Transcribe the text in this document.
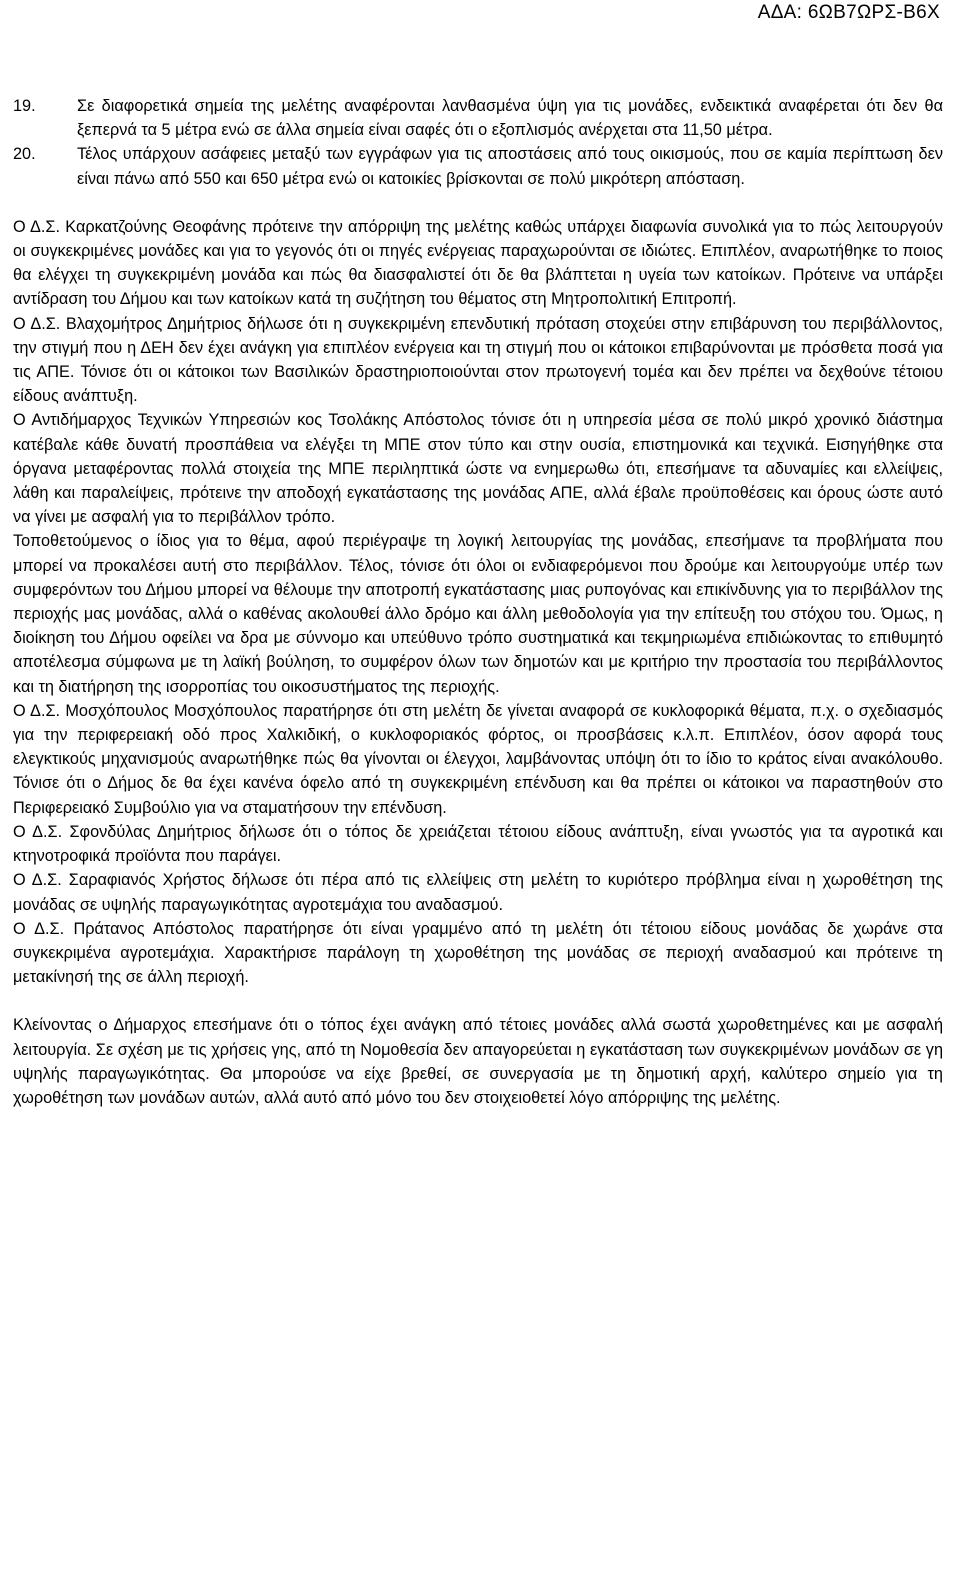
ΑΔΑ: 6ΩΒ7ΩΡΣ-Β6Χ
19.	Σε διαφορετικά σημεία της μελέτης αναφέρονται λανθασμένα ύψη για τις μονάδες, ενδεικτικά αναφέρεται ότι δεν θα ξεπερνά τα 5 μέτρα ενώ σε άλλα σημεία είναι σαφές ότι ο εξοπλισμός ανέρχεται στα 11,50 μέτρα.
20.	Τέλος υπάρχουν ασάφειες μεταξύ των εγγράφων για τις αποστάσεις από τους οικισμούς, που σε καμία περίπτωση δεν είναι πάνω από 550 και 650 μέτρα ενώ οι κατοικίες βρίσκονται σε πολύ μικρότερη απόσταση.

Ο Δ.Σ. Καρκατζούνης Θεοφάνης πρότεινε την απόρριψη της μελέτης καθώς υπάρχει διαφωνία συνολικά για το πώς λειτουργούν οι συγκεκριμένες μονάδες και για το γεγονός ότι οι πηγές ενέργειας παραχωρούνται σε ιδιώτες. Επιπλέον, αναρωτήθηκε το ποιος θα ελέγχει τη συγκεκριμένη μονάδα και πώς θα διασφαλιστεί ότι δε θα βλάπτεται η υγεία των κατοίκων. Πρότεινε να υπάρξει αντίδραση του Δήμου και των κατοίκων κατά τη συζήτηση του θέματος στη Μητροπολιτική Επιτροπή.

Ο Δ.Σ. Βλαχομήτρος Δημήτριος δήλωσε ότι η συγκεκριμένη επενδυτική πρόταση στοχεύει στην επιβάρυνση του περιβάλλοντος, την στιγμή που η ΔΕΗ δεν έχει ανάγκη για επιπλέον ενέργεια και τη στιγμή που οι κάτοικοι επιβαρύνονται με πρόσθετα ποσά για τις ΑΠΕ. Τόνισε ότι οι κάτοικοι των Βασιλικών δραστηριοποιούνται στον πρωτογενή τομέα και δεν πρέπει να δεχθούνε τέτοιου είδους ανάπτυξη.

Ο Αντιδήμαρχος Τεχνικών Υπηρεσιών κος Τσολάκης Απόστολος τόνισε ότι η υπηρεσία μέσα σε πολύ μικρό χρονικό διάστημα κατέβαλε κάθε δυνατή προσπάθεια να ελέγξει τη ΜΠΕ στον τύπο και στην ουσία, επιστημονικά και τεχνικά. Εισηγήθηκε στα όργανα μεταφέροντας πολλά στοιχεία της ΜΠΕ περιληπτικά ώστε να ενημερωθω ότι, επεσήμανε τα αδυναμίες και ελλείψεις, λάθη και παραλείψεις, πρότεινε την αποδοχή εγκατάστασης της μονάδας ΑΠΕ, αλλά έβαλε προϋποθέσεις και όρους ώστε αυτό να γίνει με ασφαλή για το περιβάλλον τρόπο.

Τοποθετούμενος ο ίδιος για το θέμα, αφού περιέγραψε τη λογική λειτουργίας της μονάδας, επεσήμανε τα προβλήματα που μπορεί να προκαλέσει αυτή στο περιβάλλον. Τέλος, τόνισε ότι όλοι οι ενδιαφερόμενοι που δρούμε και λειτουργούμε υπέρ των συμφερόντων του Δήμου μπορεί να θέλουμε την αποτροπή εγκατάστασης μιας ρυπογόνας και επικίνδυνης για το περιβάλλον της περιοχής μας μονάδας, αλλά ο καθένας ακολουθεί άλλο δρόμο και άλλη μεθοδολογία για την επίτευξη του στόχου του. Όμως, η διοίκηση του Δήμου οφείλει να δρα με σύννομο και υπεύθυνο τρόπο συστηματικά και τεκμηριωμένα επιδιώκοντας το επιθυμητό αποτέλεσμα σύμφωνα με τη λαϊκή βούληση, το συμφέρον όλων των δημοτών και με κριτήριο την προστασία του περιβάλλοντος και τη διατήρηση της ισορροπίας του οικοσυστήματος της περιοχής.

Ο Δ.Σ. Μοσχόπουλος Μοσχόπουλος παρατήρησε ότι στη μελέτη δε γίνεται αναφορά σε κυκλοφορικά θέματα, π.χ. ο σχεδιασμός για την περιφερειακή οδό προς Χαλκιδική, ο κυκλοφοριακός φόρτος, οι προσβάσεις κ.λ.π. Επιπλέον, όσον αφορά τους ελεγκτικούς μηχανισμούς αναρωτήθηκε πώς θα γίνονται οι έλεγχοι, λαμβάνοντας υπόψη ότι το ίδιο το κράτος είναι ανακόλουθο. Τόνισε ότι ο Δήμος δε θα έχει κανένα όφελο από τη συγκεκριμένη επένδυση και θα πρέπει οι κάτοικοι να παραστηθούν στο Περιφερειακό Συμβούλιο για να σταματήσουν την επένδυση.

Ο Δ.Σ. Σφονδύλας Δημήτριος δήλωσε ότι ο τόπος δε χρειάζεται τέτοιου είδους ανάπτυξη, είναι γνωστός για τα αγροτικά και κτηνοτροφικά προϊόντα που παράγει.

Ο Δ.Σ. Σαραφιανός Χρήστος δήλωσε ότι πέρα από τις ελλείψεις στη μελέτη το κυριότερο πρόβλημα είναι η χωροθέτηση της μονάδας σε υψηλής παραγωγικότητας αγροτεμάχια του αναδασμού.

Ο Δ.Σ. Πράτανος Απόστολος παρατήρησε ότι είναι γραμμένο από τη μελέτη ότι τέτοιου είδους μονάδας δε χωράνε στα συγκεκριμένα αγροτεμάχια. Χαρακτήρισε παράλογη τη χωροθέτηση της μονάδας σε περιοχή αναδασμού και πρότεινε τη μετακίνησή της σε άλλη περιοχή.

Κλείνοντας ο Δήμαρχος επεσήμανε ότι ο τόπος έχει ανάγκη από τέτοιες μονάδες αλλά σωστά χωροθετημένες και με ασφαλή λειτουργία. Σε σχέση με τις χρήσεις γης, από τη Νομοθεσία δεν απαγορεύεται η εγκατάσταση των συγκεκριμένων μονάδων σε γη υψηλής παραγωγικότητας. Θα μπορούσε να είχε βρεθεί, σε συνεργασία με τη δημοτική αρχή, καλύτερο σημείο για τη χωροθέτηση των μονάδων αυτών, αλλά αυτό από μόνο του δεν στοιχειοθετεί λόγο απόρριψης της μελέτης.
